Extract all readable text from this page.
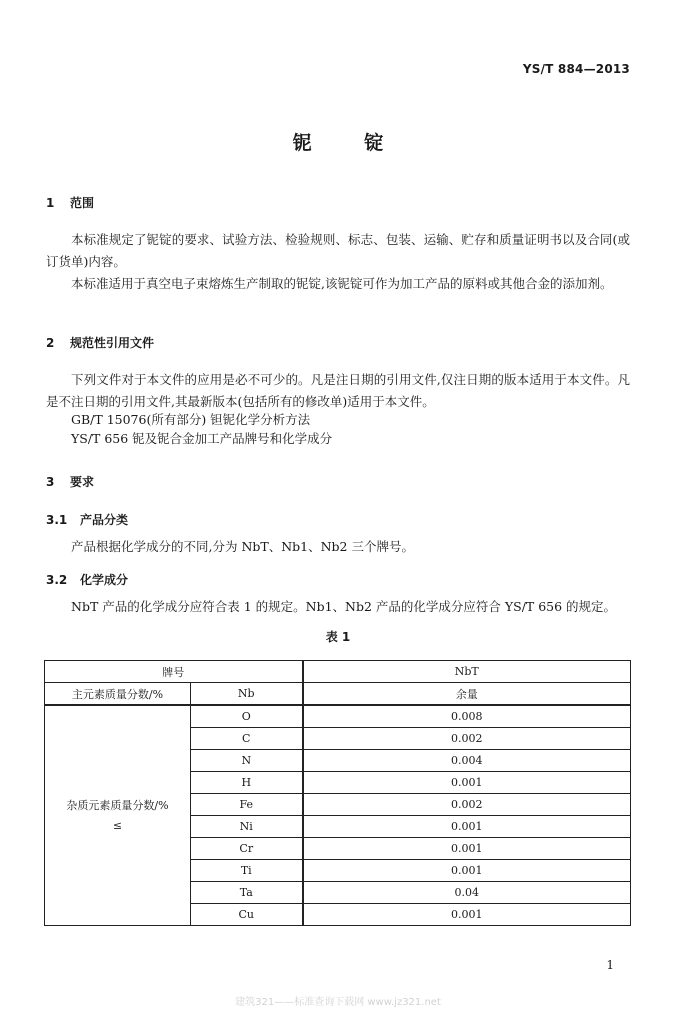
YS/T 884—2013
铌 锭
1 范围
本标准规定了铌锭的要求、试验方法、检验规则、标志、包装、运输、贮存和质量证明书以及合同(或订货单)内容。
本标准适用于真空电子束熔炼生产制取的铌锭,该铌锭可作为加工产品的原料或其他合金的添加剂。
2 规范性引用文件
下列文件对于本文件的应用是必不可少的。凡是注日期的引用文件,仅注日期的版本适用于本文件。凡是不注日期的引用文件,其最新版本(包括所有的修改单)适用于本文件。
GB/T 15076(所有部分) 钽铌化学分析方法
YS/T 656 铌及铌合金加工产品牌号和化学成分
3 要求
3.1 产品分类
产品根据化学成分的不同,分为 NbT、Nb1、Nb2 三个牌号。
3.2 化学成分
NbT 产品的化学成分应符合表 1 的规定。Nb1、Nb2 产品的化学成分应符合 YS/T 656 的规定。
表 1
牌号		NbT
主元素质量分数/%	Nb	余量

杂质元素质量分数/%
≤	O	0.008
	C	0.002
	N	0.004
	H	0.001
	Fe	0.002
	Ni	0.001
	Cr	0.001
	Ti	0.001
	Ta	0.04
	Cu	0.001
1
建筑321——标准查询下载网 www.jz321.net
